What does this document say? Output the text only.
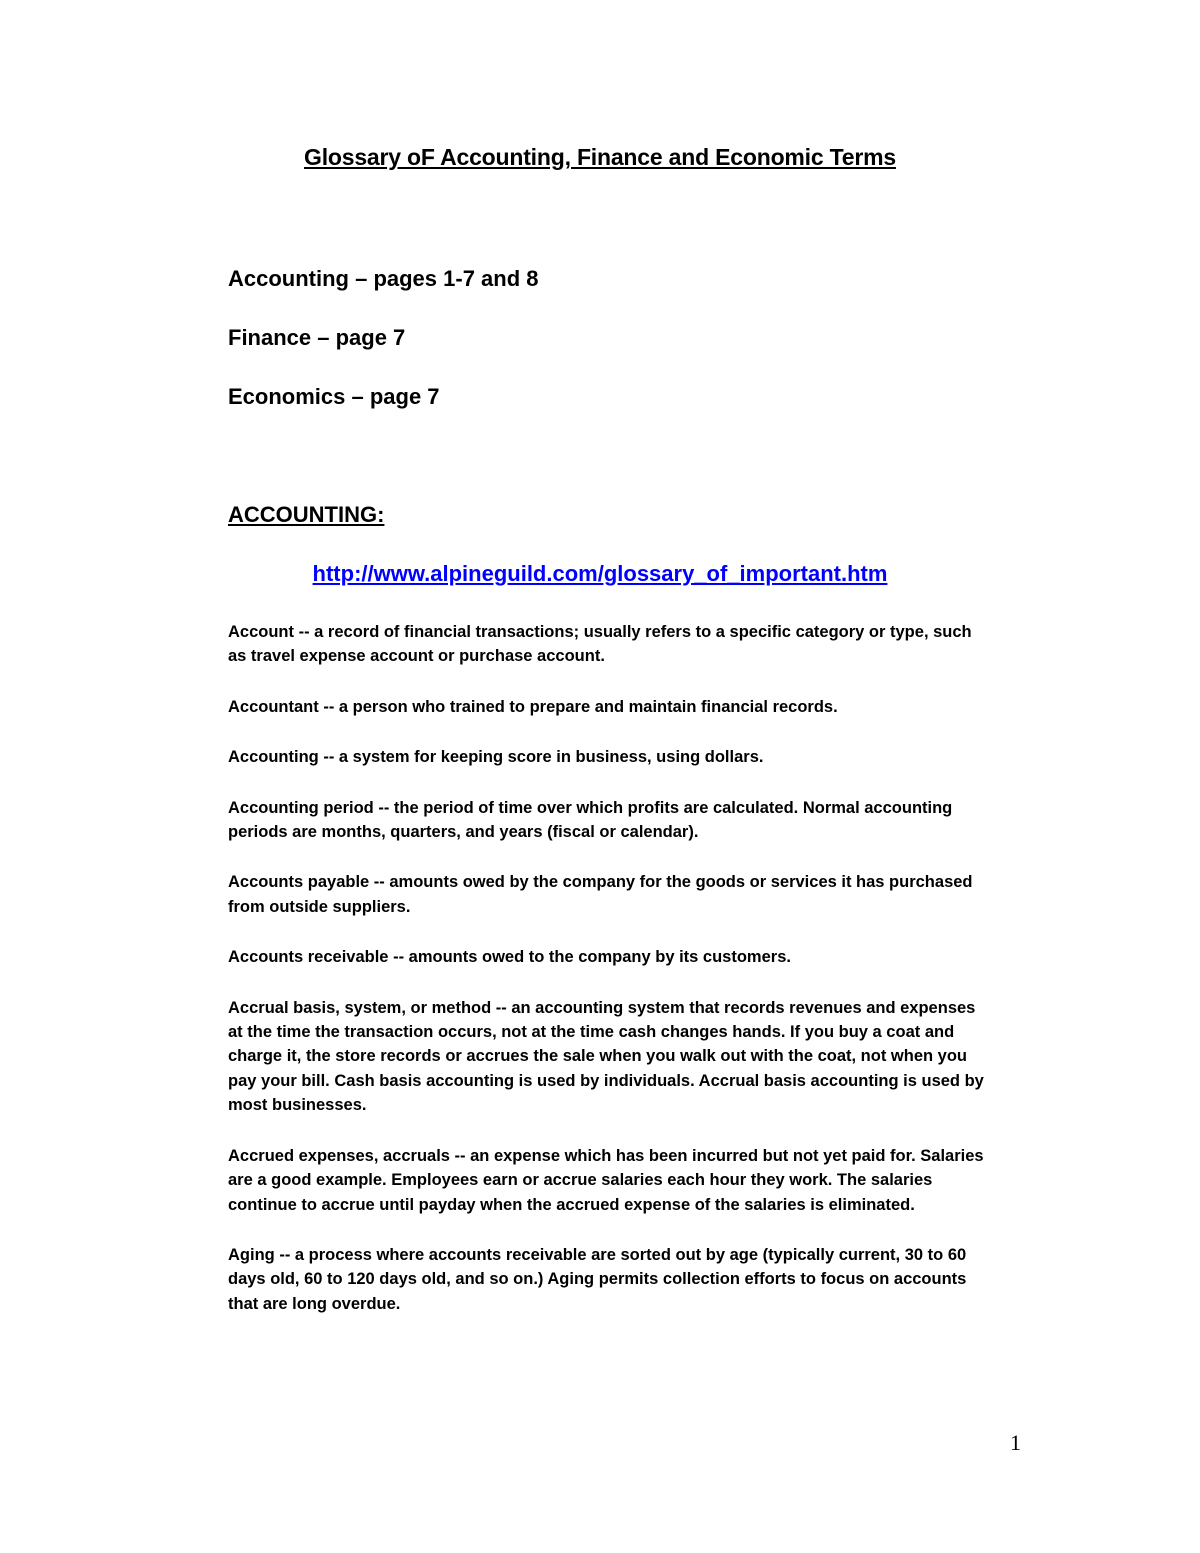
Glossary oF Accounting, Finance and Economic Terms
Accounting – pages 1-7 and 8
Finance – page 7
Economics – page 7
ACCOUNTING:
http://www.alpineguild.com/glossary_of_important.htm

Account -- a record of financial transactions; usually refers to a specific category or type, such as travel expense account or purchase account.

Accountant -- a person who trained to prepare and maintain financial records.

Accounting -- a system for keeping score in business, using dollars.

Accounting period -- the period of time over which profits are calculated. Normal accounting periods are months, quarters, and years (fiscal or calendar).

Accounts payable -- amounts owed by the company for the goods or services it has purchased from outside suppliers.

Accounts receivable -- amounts owed to the company by its customers.

Accrual basis, system, or method -- an accounting system that records revenues and expenses at the time the transaction occurs, not at the time cash changes hands. If you buy a coat and charge it, the store records or accrues the sale when you walk out with the coat, not when you pay your bill. Cash basis accounting is used by individuals. Accrual basis accounting is used by most businesses.

Accrued expenses, accruals -- an expense which has been incurred but not yet paid for. Salaries are a good example. Employees earn or accrue salaries each hour they work. The salaries continue to accrue until payday when the accrued expense of the salaries is eliminated.

Aging -- a process where accounts receivable are sorted out by age (typically current, 30 to 60 days old, 60 to 120 days old, and so on.) Aging permits collection efforts to focus on accounts that are long overdue.

1
